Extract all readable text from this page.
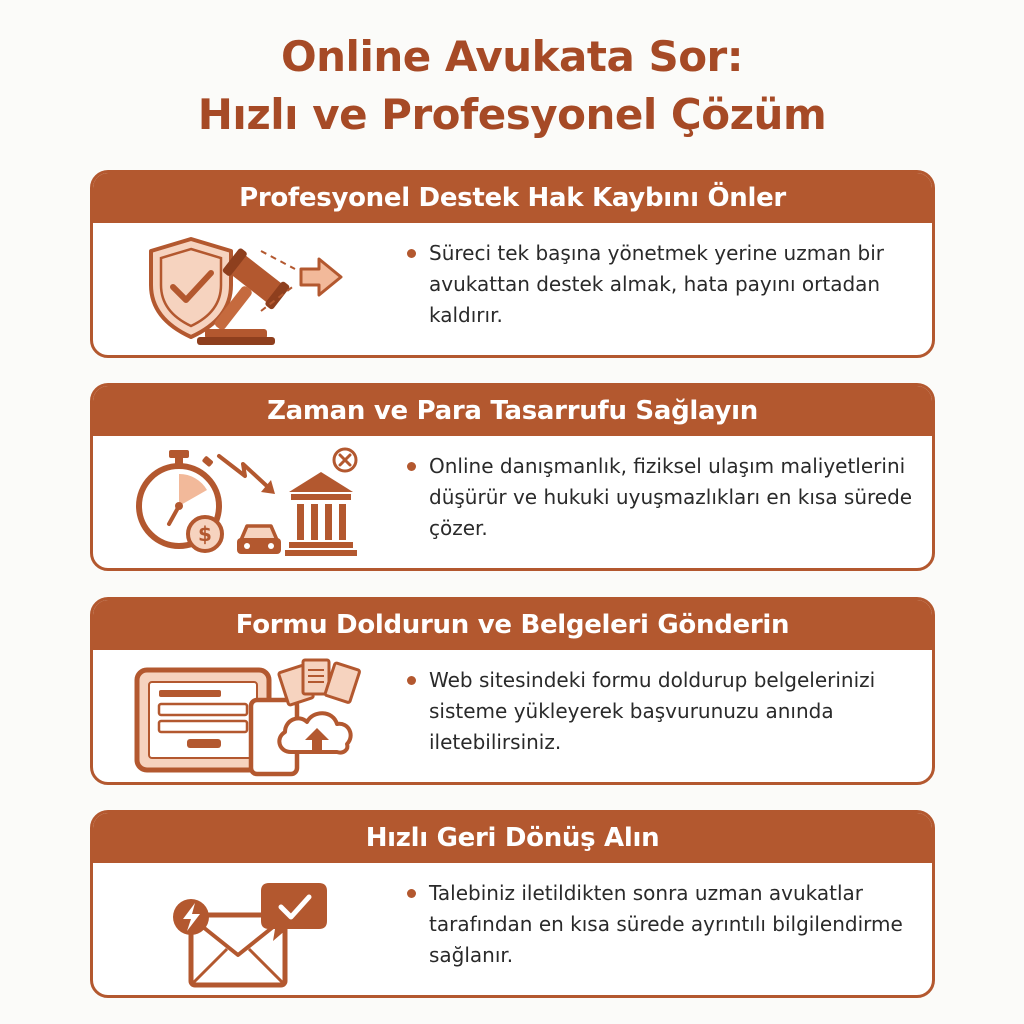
Online Avukata Sor:
Hızlı ve Profesyonel Çözüm
Profesyonel Destek Hak Kaybını Önler
Süreci tek başına yönetmek yerine uzman bir avukattan destek almak, hata payını ortadan kaldırır.
Zaman ve Para Tasarrufu Sağlayın
$
Online danışmanlık, fiziksel ulaşım maliyetlerini düşürür ve hukuki uyuşmazlıkları en kısa sürede çözer.
Formu Doldurun ve Belgeleri Gönderin
Web sitesindeki formu doldurup belgelerinizi sisteme yükleyerek başvurunuzu anında iletebilirsiniz.
Hızlı Geri Dönüş Alın
Talebiniz iletildikten sonra uzman avukatlar tarafından en kısa sürede ayrıntılı bilgilendirme sağlanır.
